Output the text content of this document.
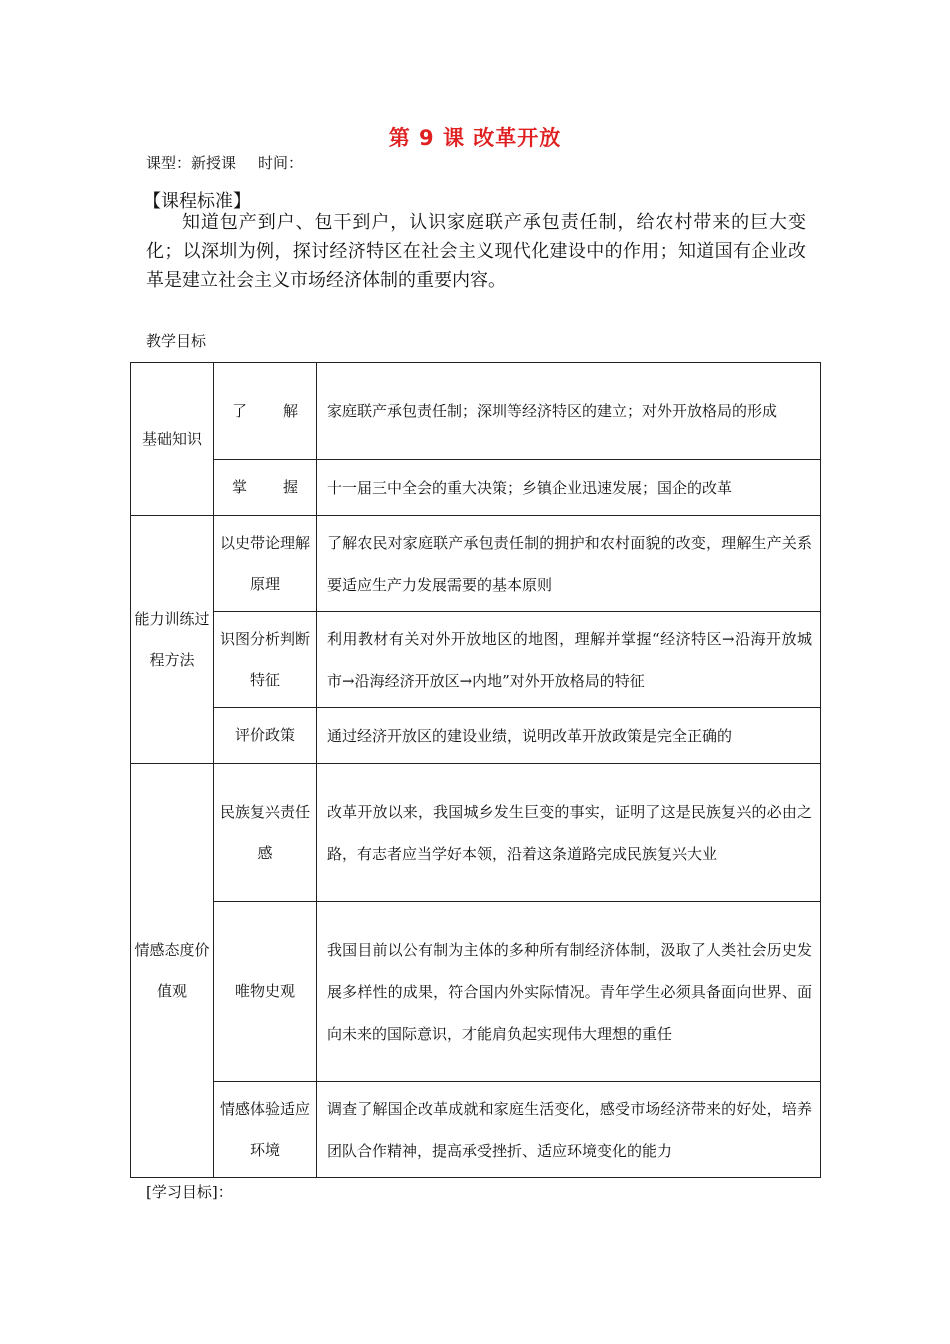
第 9 课 改革开放
课型：新授课 时间：
【课程标准】
知道包产到户、包干到户，认识家庭联产承包责任制，给农村带来的巨大变化；以深圳为例，探讨经济特区在社会主义现代化建设中的作用；知道国有企业改革是建立社会主义市场经济体制的重要内容。
教学目标
基础知识	了 解	家庭联产承包责任制；深圳等经济特区的建立；对外开放格局的形成

	掌 握	十一届三中全会的重大决策；乡镇企业迅速发展；国企的改革
能力训练过程方法	以史带论理解原理	了解农民对家庭联产承包责任制的拥护和农村面貌的改变，理解生产关系要适应生产力发展需要的基本原则
	识图分析判断特征	利用教材有关对外开放地区的地图，理解并掌握“经济特区→沿海开放城市→沿海经济开放区→内地”对外开放格局的特征
	评价政策	通过经济开放区的建设业绩，说明改革开放政策是完全正确的
情感态度价值观	民族复兴责任 感	改革开放以来，我国城乡发生巨变的事实，证明了这是民族复兴的必由之路，有志者应当学好本领，沿着这条道路完成民族复兴大业
	唯物史观	我国目前以公有制为主体的多种所有制经济体制，汲取了人类社会历史发展多样性的成果，符合国内外实际情况。青年学生必须具备面向世界、面向未来的国际意识，才能肩负起实现伟大理想的重任
	情感体验适应环境	调查了解国企改革成就和家庭生活变化，感受市场经济带来的好处，培养团队合作精神，提高承受挫折、适应环境变化的能力
[学习目标]：
